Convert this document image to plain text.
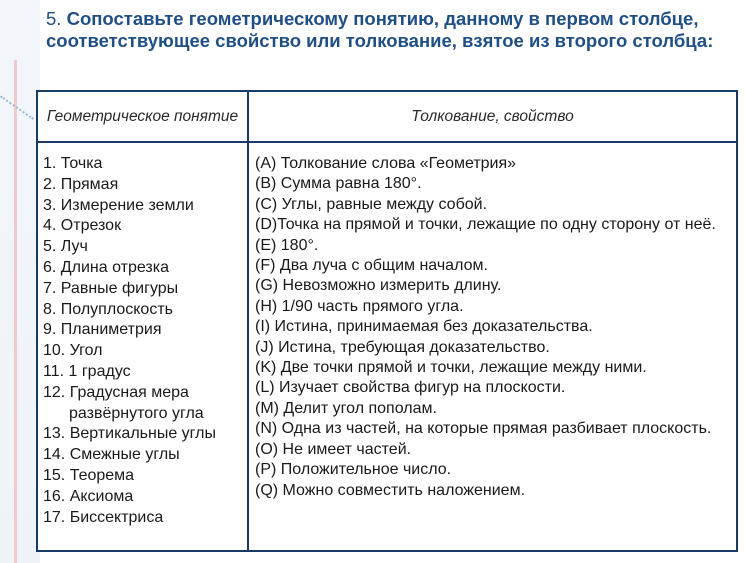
5. Сопоставьте геометрическому понятию, данному в первом столбце, соответствующее свойство или толкование, взятое из второго столбца:
Геометрическое понятие	Толкование, свойство
1. Точка
2. Прямая
3. Измерение земли
4. Отрезок
5. Луч
6. Длина отрезка
7. Равные фигуры
8. Полуплоскость
9. Планиметрия
10. Угол
11. 1 градус
12. Градусная мера развёрнутого угла
13. Вертикальные углы
14. Смежные углы
15. Теорема
16. Аксиома
17. Биссектриса
(A) Толкование слова «Геометрия»
(B) Сумма равна 180°.
(C) Углы, равные между собой.
(D)Точка на прямой и точки, лежащие по одну сторону от неё.
(E) 180°.
(F) Два луча с общим началом.
(G) Невозможно измерить длину.
(H) 1/90 часть прямого угла.
(I) Истина, принимаемая без доказательства.
(J) Истина, требующая доказательство.
(K) Две точки прямой и точки, лежащие между ними.
(L) Изучает свойства фигур на плоскости.
(M) Делит угол пополам.
(N) Одна из частей, на которые прямая разбивает плоскость.
(O) Не имеет частей.
(P) Положительное число.
(Q) Можно совместить наложением.
